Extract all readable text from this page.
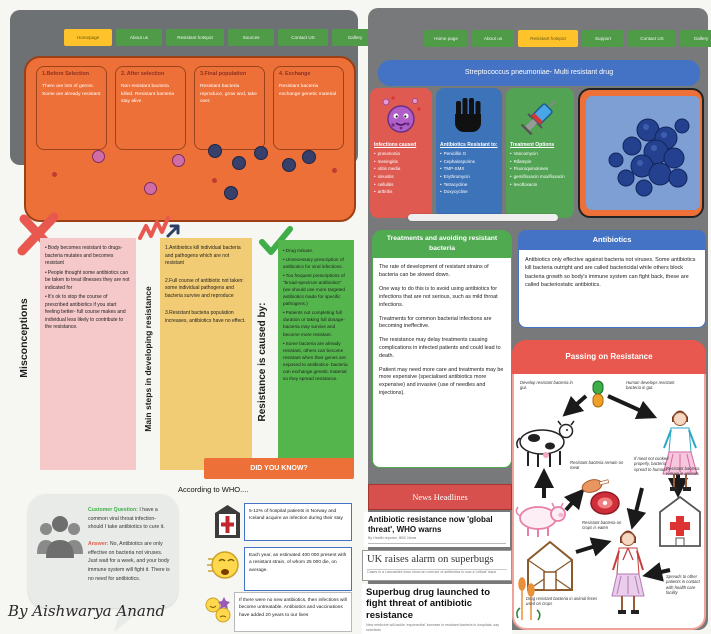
Homepage	About us	Resistant hotspot	Sources	Contact US	Gallery
1.Before Selection

There are lots of germs. Some are already resistant

2. After selection

Non-resistant bacteria killed. Resistant bacteria stay alive

3.Final population

Resistant bacteria reproduce, grow and, take over.

4. Exchange

Resistant bacteria exchange genetic material

Misconceptions

• Body becomes resistant to drugs- bacteria mutates and becomes resistant

• People thought some antibiotics can be taken to treat illnesses they are not indicated for

• It's ok to stop the course of prescribed antibiotics if you start feeling better- full course makes and individual less likely to contribute to the resistance.	Main steps in developing resistance

1.Antibiotics kill individual bacteria and pathogens which are not resistant

2.Full course of antibiotic not taken: some individual pathogens and bacteria survive and reproduce

3.Resistant bacteria population increases, antibiotics have no effect. Resistance is caused by:

• Drug misuse.

• Unnecessary prescription of antibiotics for viral infections.

• Too frequent prescriptions of "broad-spectrum antibiotics" (we should use more targeted antibiotics made for specific pathogens.)

• Patients not completing full duration or taking full dosage- bacteria may survive and become more resistant.

• Some bacteria are already resistant, others can become resistant when their genes are exposed to antibiotics- bacteria can exchange genetic material so they spread resistance.

DID YOU KNOW?
According to WHO....
5-12% of hospital patients in Norway and Iceland acquire an infection during their stay
Each year, an estimated 400 000 present with a resistant strain, of whom 25 000 die, on average.
If there were no new antibiotics, then infections will become untreatable. Antibiotics and vaccinations have added 20 years to our lives
Customer Question: I have a common viral throat infection- should I take antibiotics to cure it.

Answer: No, Antibiotics are only effective on bacteria not viruses. Just wait for a week, and your body immune system will fight it. There is no need for antibiotics.
By Aishwarya Anand
Home page	About us	Resistant hotspot	Support	Contact US	Gallery
Streptococcus pneumoniae- Multi resistant drug
Infections caused
• pneumonia
• meningitis
• otitis media
• sinusitis
• cellulitis
• arthritis
Antibiotics Resistant to:
• Penicillin G
• Cephalosporins
• TMP-SMX
• Erythromycin
• Tetracycline
• Doxycycline
Treatment Options
• Vancomycin
• Rifampin
• Fluoroquinolones
• gemifloxacin moxifloxacin
• levofloxacin
Treatments and avoiding resistant bacteria

The rate of development of resistant strains of bacteria can be slowed down.

One way to do this is to avoid using antibiotics for infections that are not serious, such as mild throat infections.

Treatments for common bacterial infections are becoming ineffective.

The resistance may delay treatments causing complications in infected patients and could lead to death.

Patient may need more care and treatments may be more expensive (specialised antibiotics more expensive) and invasive (use of needles and injections).

Antibiotics
Antibiotics only effective against bacteria not viruses. Some antibiotics kill bacteria outright and are called bactericidal while others block bacteria growth so body's immune system can fight back, these are called bacteriostatic antibiotics.
News Headlines
Antibiotic resistance now 'global threat', WHO warns
By Health reporter, BBC News
UK raises alarm on superbugs
Cases in a Lancashire town show an overuse of antibiotics is now a 'critical' issue
Superbug drug launched to fight threat of antibiotic resistance
New medicine will tackle 'exponential' increase in resistant bacteria in hospitals, say scientists
Passing on Resistance
Develop resistant bacteria in gut.
Human develops resistant bacteria in gut.
Resistant bacteria remain on meat
If meat not cooked properly, bacteria spread to humans
Resistant bacteria remain in animals
Resistant bacteria on crops is eaten
Drug resistant bacteria in animal feces used on crops
Spreads to other patients in contact with health care facility
